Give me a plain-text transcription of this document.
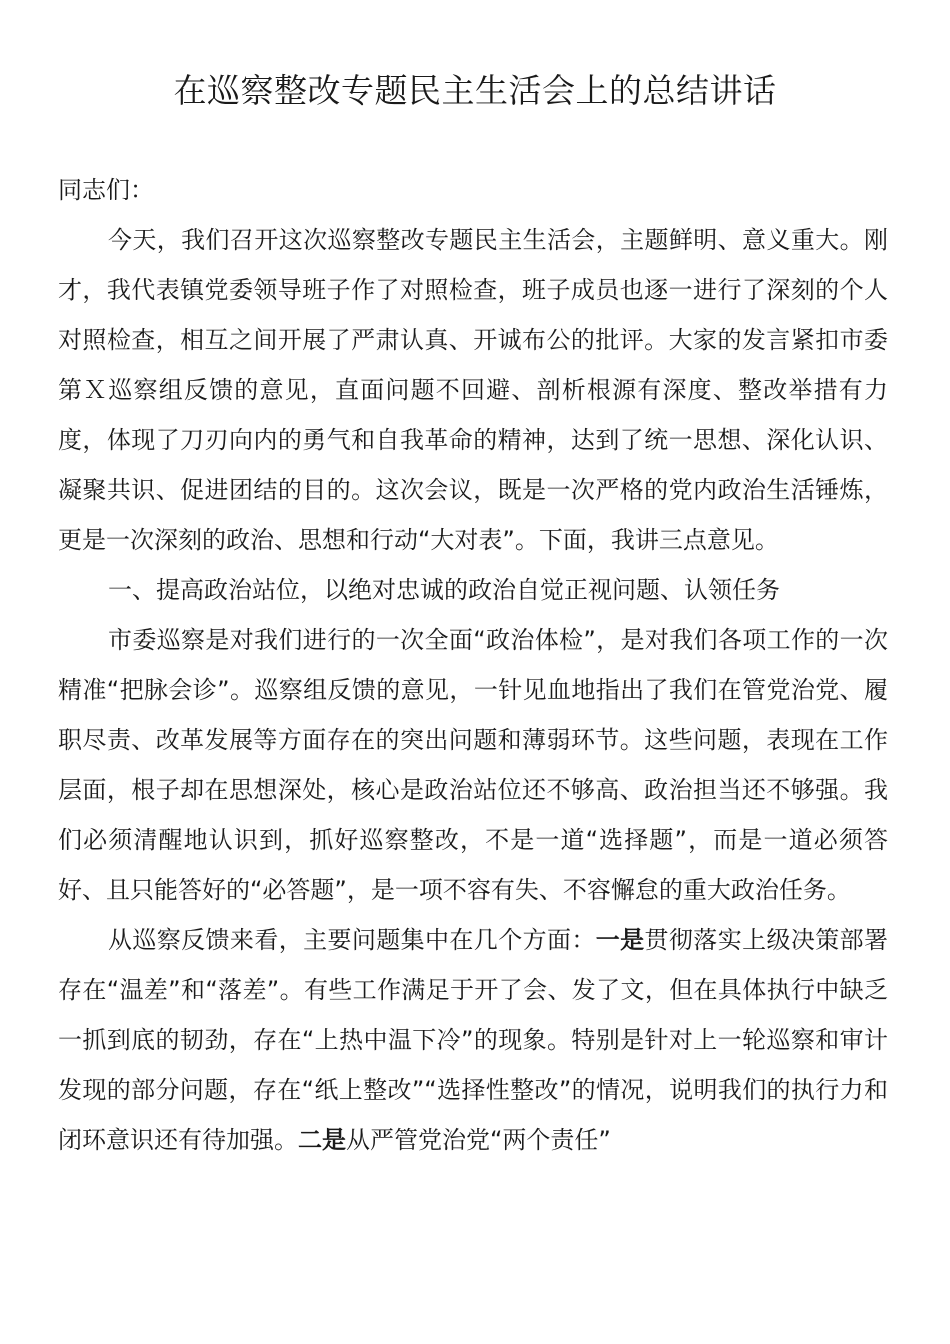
在巡察整改专题民主生活会上的总结讲话

同志们：

今天，我们召开这次巡察整改专题民主生活会，主题鲜明、意义重大。刚才，我代表镇党委领导班子作了对照检查，班子成员也逐一进行了深刻的个人对照检查，相互之间开展了严肃认真、开诚布公的批评。大家的发言紧扣市委第Ｘ巡察组反馈的意见，直面问题不回避、剖析根源有深度、整改举措有力度，体现了刀刃向内的勇气和自我革命的精神，达到了统一思想、深化认识、凝聚共识、促进团结的目的。这次会议，既是一次严格的党内政治生活锤炼，更是一次深刻的政治、思想和行动“大对表”。下面，我讲三点意见。

一、提高政治站位，以绝对忠诚的政治自觉正视问题、认领任务

市委巡察是对我们进行的一次全面“政治体检”，是对我们各项工作的一次精准“把脉会诊”。巡察组反馈的意见，一针见血地指出了我们在管党治党、履职尽责、改革发展等方面存在的突出问题和薄弱环节。这些问题，表现在工作层面，根子却在思想深处，核心是政治站位还不够高、政治担当还不够强。我们必须清醒地认识到，抓好巡察整改，不是一道“选择题”，而是一道必须答好、且只能答好的“必答题”，是一项不容有失、不容懈怠的重大政治任务。

从巡察反馈来看，主要问题集中在几个方面：一是贯彻落实上级决策部署存在“温差”和“落差”。有些工作满足于开了会、发了文，但在具体执行中缺乏一抓到底的韧劲，存在“上热中温下冷”的现象。特别是针对上一轮巡察和审计发现的部分问题，存在“纸上整改”“选择性整改”的情况，说明我们的执行力和闭环意识还有待加强。二是从严管党治党“两个责任”
